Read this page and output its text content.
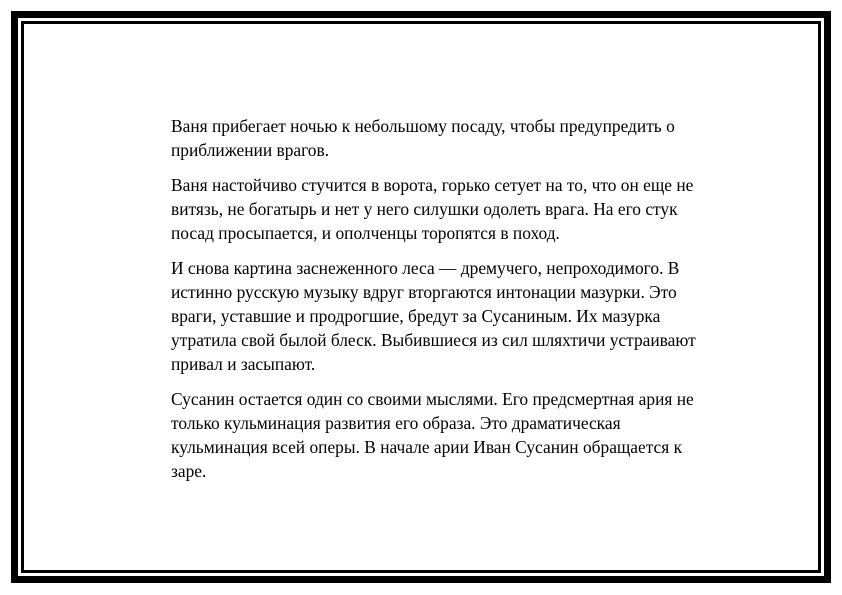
Ваня прибегает ночью к небольшому посаду, чтобы предупредить о приближении врагов.

Ваня настойчиво стучится в ворота, горько сетует на то, что он еще не витязь, не богатырь и нет у него силушки одолеть врага. На его стук посад просыпается, и ополченцы торопятся в поход.

И снова картина заснеженного леса — дремучего, непроходимого. В истинно русскую музыку вдруг вторгаются интонации мазурки. Это враги, уставшие и продрогшие, бредут за Сусаниным. Их мазурка утратила свой былой блеск. Выбившиеся из сил шляхтичи устраивают привал и засыпают.

Сусанин остается один со своими мыслями. Его предсмертная ария не только кульминация развития его образа. Это драматическая кульминация всей оперы. В начале арии Иван Сусанин обращается к заре.
